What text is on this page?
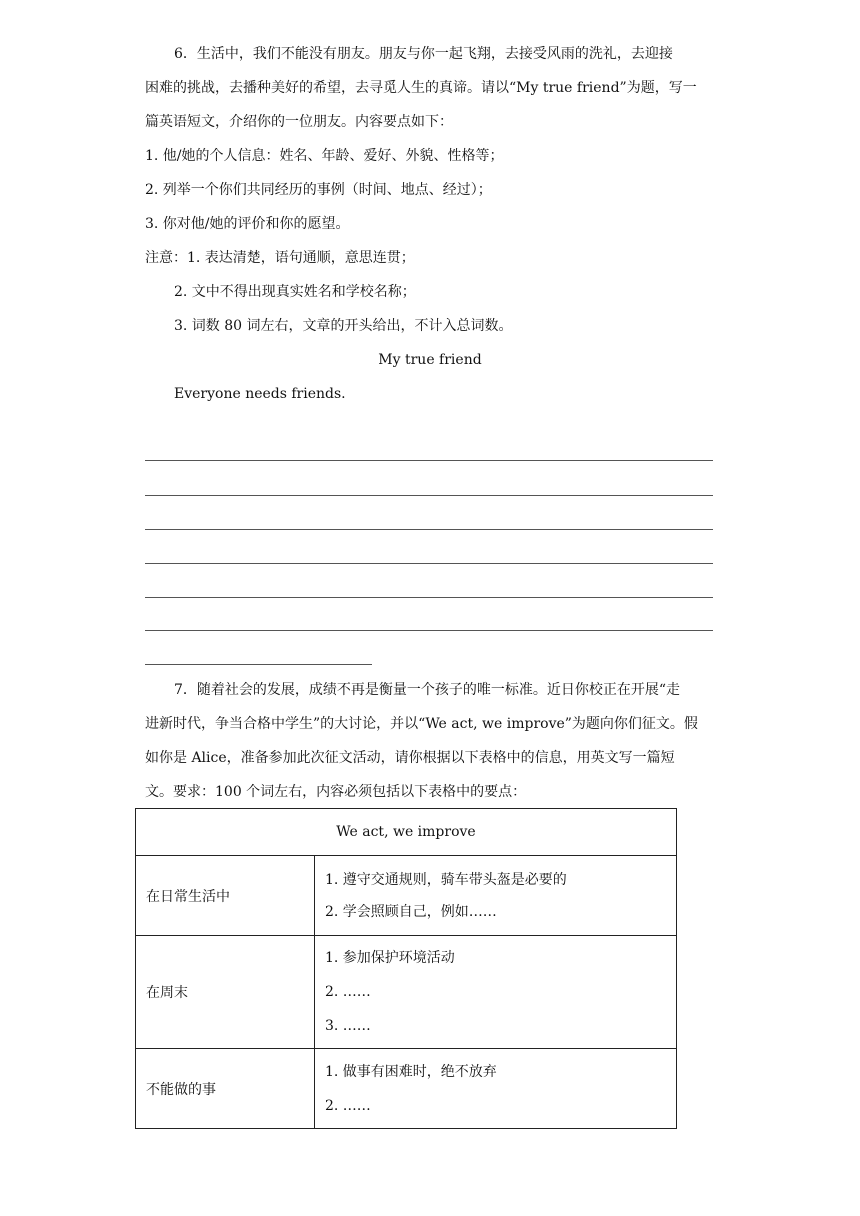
6．生活中，我们不能没有朋友。朋友与你一起飞翔，去接受风雨的洗礼，去迎接
困难的挑战，去播种美好的希望，去寻觅人生的真谛。请以“My true friend”为题，写一
篇英语短文，介绍你的一位朋友。内容要点如下：
1. 他/她的个人信息：姓名、年龄、爱好、外貌、性格等；
2. 列举一个你们共同经历的事例（时间、地点、经过）；
3. 你对他/她的评价和你的愿望。
注意：1. 表达清楚，语句通顺，意思连贯；
2. 文中不得出现真实姓名和学校名称；
3. 词数 80 词左右，文章的开头给出，不计入总词数。
My true friend
Everyone needs friends.
7．随着社会的发展，成绩不再是衡量一个孩子的唯一标准。近日你校正在开展“走
进新时代，争当合格中学生”的大讨论，并以“We act, we improve”为题向你们征文。假
如你是 Alice，准备参加此次征文活动，请你根据以下表格中的信息，用英文写一篇短
文。要求：100 个词左右，内容必须包括以下表格中的要点：
We act, we improve	
在日常生活中	1. 遵守交通规则，骑车带头盔是必要的
2. 学会照顾自己，例如……

在周末	1. 参加保护环境活动
2. ……
3. ……

不能做的事	1. 做事有困难时，绝不放弃
2. ……
